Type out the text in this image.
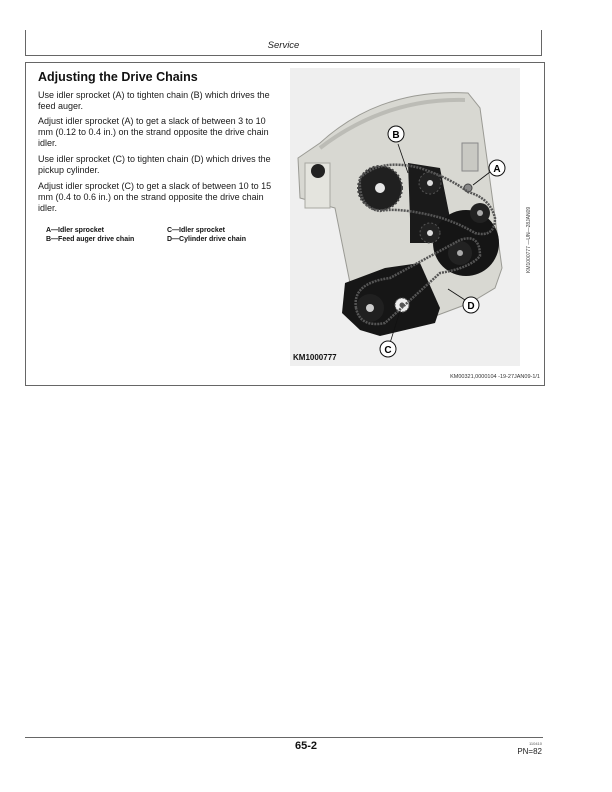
Service
Adjusting the Drive Chains
Use idler sprocket (A) to tighten chain (B) which drives the feed auger.
Adjust idler sprocket (A) to get a slack of between 3 to 10 mm (0.12 to 0.4 in.) on the strand opposite the drive chain idler.
Use idler sprocket (C) to tighten chain (D) which drives the pickup cylinder.
Adjust idler sprocket (C) to get a slack of between 10 to 15 mm (0.4 to 0.6 in.) on the strand opposite the drive chain idler.
A—Idler sprocket
B—Feed auger drive chain
C—Idler sprocket
D—Cylinder drive chain
B
A
D
C
KM1000777
KM1000777 —UN—28JAN09
KM00321,0000104 -19-27JAN09-1/1
65-2	110410
PN=82
